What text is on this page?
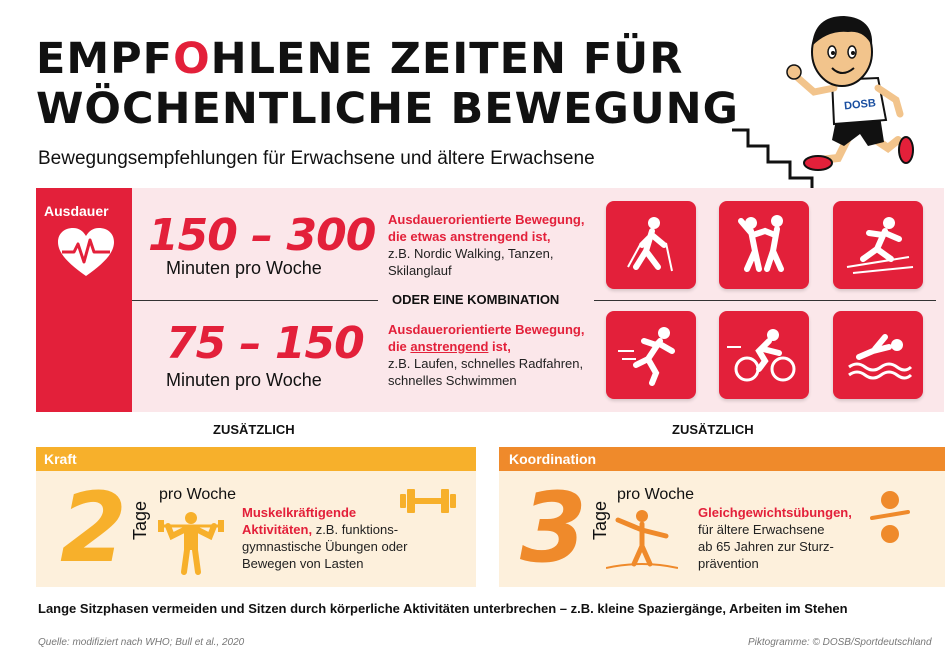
EMPFOHLENE ZEITEN FÜR
WÖCHENTLICHE BEWEGUNG
Bewegungsempfehlungen für Erwachsene und ältere Erwachsene
DOSB
Ausdauer 150 – 300
Minuten pro Woche
Ausdauerorientierte Bewegung,
die etwas anstrengend ist,
z.B. Nordic Walking, Tanzen,
Skilanglauf
ODER EINE KOMBINATION
75 – 150
Minuten pro Woche
Ausdauerorientierte Bewegung,
die anstrengend ist,
z.B. Laufen, schnelles Radfahren,
schnelles Schwimmen
ZUSÄTZLICH	ZUSÄTZLICH
Kraft
2 Tage
pro Woche
Muskelkräftigende
Aktivitäten, z.B. funktions-
gymnastische Übungen oder
Bewegen von Lasten
Koordination
3 Tage
pro Woche
Gleichgewichtsübungen,
für ältere Erwachsene
ab 65 Jahren zur Sturz-
prävention
Lange Sitzphasen vermeiden und Sitzen durch körperliche Aktivitäten unterbrechen – z.B. kleine Spaziergänge, Arbeiten im Stehen
Quelle: modifiziert nach WHO; Bull et al., 2020	Piktogramme: © DOSB/Sportdeutschland
